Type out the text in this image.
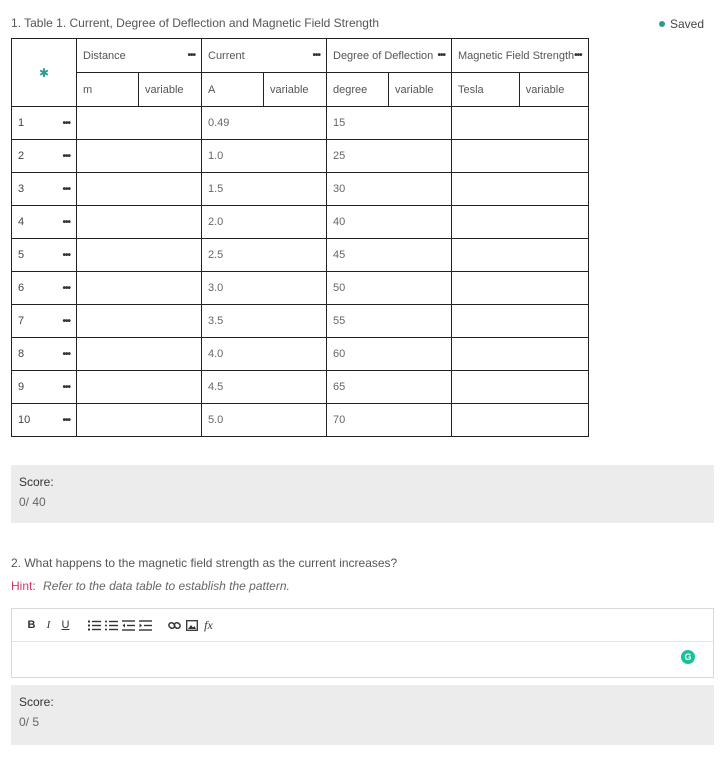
1. Table 1. Current, Degree of Deflection and Magnetic Field Strength	Saved
✱	Distance •••		Current •••		Degree of Deflection •••		Magnetic Field Strength •••	

	m	variable	A	variable	degree	variable	Tesla	variable

1 •••			0.49		15			

2 •••			1.0		25			

3 •••			1.5		30			

4 •••			2.0		40			

5 •••			2.5		45			

6 •••			3.0		50			

7 •••			3.5		55			

8 •••			4.0		60			

9 •••			4.5		65			

10 •••			5.0		70			
Score:
0/ 40
2. What happens to the magnetic field strength as the current increases?
Hint: Refer to the data table to establish the pattern.
B	I	U	fx
G
Score:
0/ 5
